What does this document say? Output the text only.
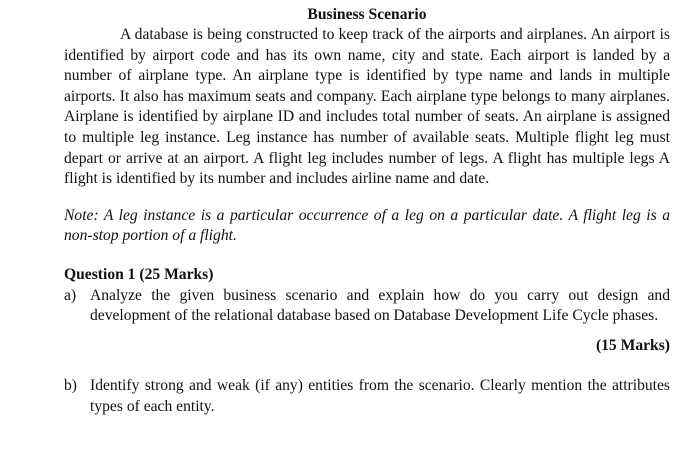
Business Scenario

A database is being constructed to keep track of the airports and airplanes. An airport is identified by airport code and has its own name, city and state. Each airport is landed by a number of airplane type. An airplane type is identified by type name and lands in multiple airports. It also has maximum seats and company. Each airplane type belongs to many airplanes. Airplane is identified by airplane ID and includes total number of seats. An airplane is assigned to multiple leg instance. Leg instance has number of available seats. Multiple flight leg must depart or arrive at an airport. A flight leg includes number of legs. A flight has multiple legs A flight is identified by its number and includes airline name and date.

Note: A leg instance is a particular occurrence of a leg on a particular date. A flight leg is a non-stop portion of a flight.

Question 1 (25 Marks)

a) Analyze the given business scenario and explain how do you carry out design and development of the relational database based on Database Development Life Cycle phases.

(15 Marks)

b) Identify strong and weak (if any) entities from the scenario. Clearly mention the attributes types of each entity.
